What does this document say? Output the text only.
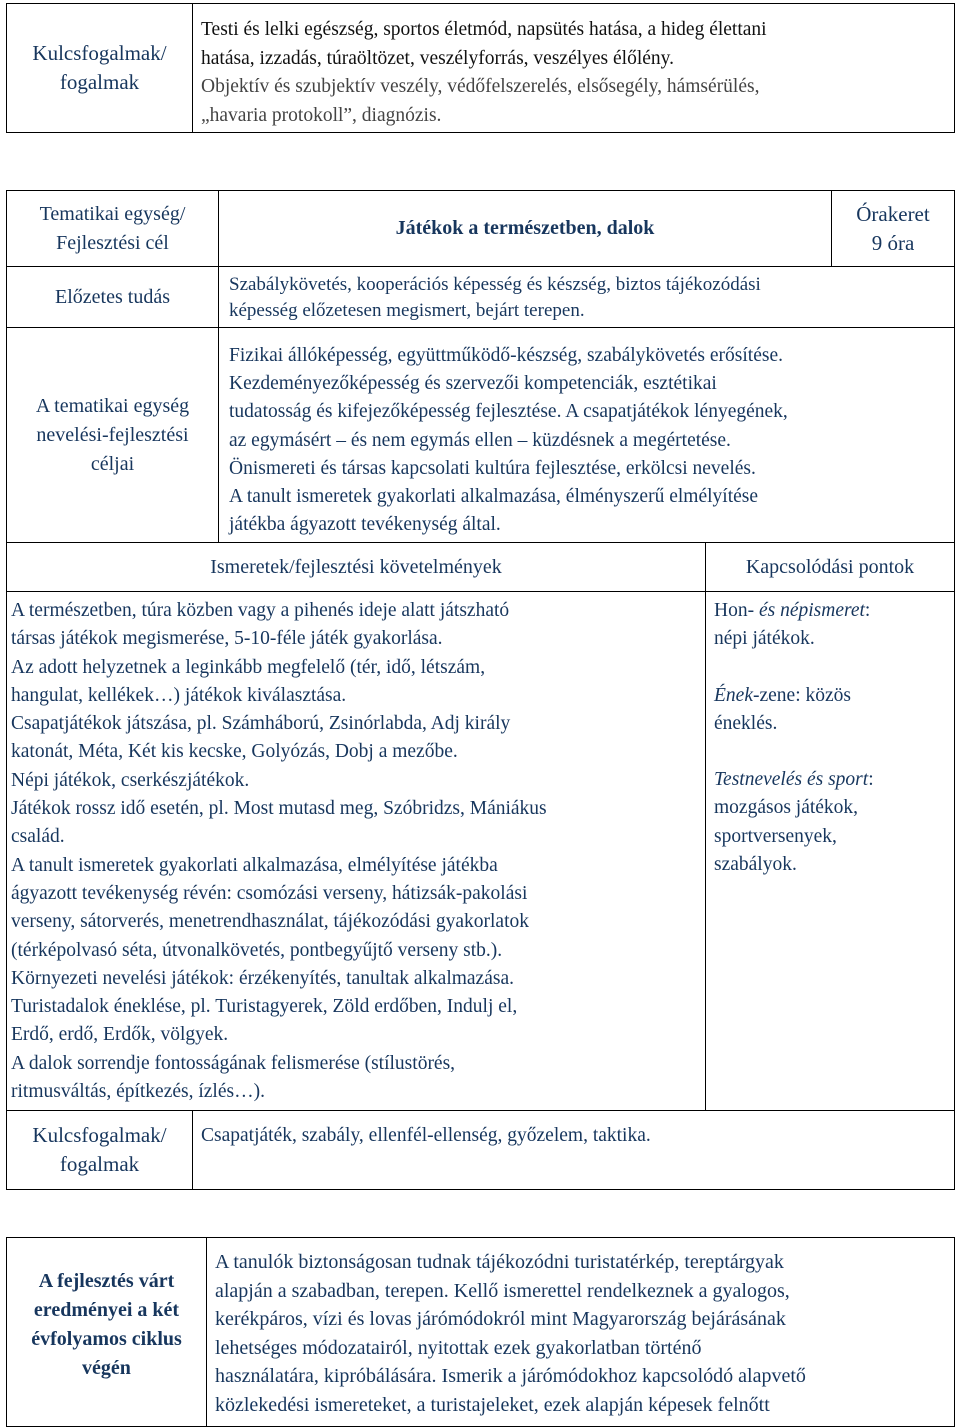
Kulcsfogalmak/
fogalmak
Testi és lelki egészség, sportos életmód, napsütés hatása, a hideg élettani
hatása, izzadás, túraöltözet, veszélyforrás, veszélyes élőlény.
Objektív és szubjektív veszély, védőfelszerelés, elsősegély, hámsérülés,
„havaria protokoll”, diagnózis.
Tematikai egység/
Fejlesztési cél
Játékok a természetben, dalok
Órakeret
9 óra
Előzetes tudás
Szabálykövetés, kooperációs képesség és készség, biztos tájékozódási
képesség előzetesen megismert, bejárt terepen.
A tematikai egység
nevelési-fejlesztési
céljai
Fizikai állóképesség, együttműködő-készség, szabálykövetés erősítése.
Kezdeményezőképesség és szervezői kompetenciák, esztétikai
tudatosság és kifejezőképesség fejlesztése. A csapatjátékok lényegének,
az egymásért – és nem egymás ellen – küzdésnek a megértetése.
Önismereti és társas kapcsolati kultúra fejlesztése, erkölcsi nevelés.
A tanult ismeretek gyakorlati alkalmazása, élményszerű elmélyítése
játékba ágyazott tevékenység által.
Ismeretek/fejlesztési követelmények	Kapcsolódási pontok
A természetben, túra közben vagy a pihenés ideje alatt játszható
társas játékok megismerése, 5-10-féle játék gyakorlása.
Az adott helyzetnek a leginkább megfelelő (tér, idő, létszám,
hangulat, kellékek…) játékok kiválasztása.
Csapatjátékok játszása, pl. Számháború, Zsinórlabda, Adj király
katonát, Méta, Két kis kecske, Golyózás, Dobj a mezőbe.
Népi játékok, cserkészjátékok.
Játékok rossz idő esetén, pl. Most mutasd meg, Szóbridzs, Mániákus
család.
A tanult ismeretek gyakorlati alkalmazása, elmélyítése játékba
ágyazott tevékenység révén: csomózási verseny, hátizsák-pakolási
verseny, sátorverés, menetrendhasználat, tájékozódási gyakorlatok
(térképolvasó séta, útvonalkövetés, pontbegyűjtő verseny stb.).
Környezeti nevelési játékok: érzékenyítés, tanultak alkalmazása.
Turistadalok éneklése, pl. Turistagyerek, Zöld erdőben, Indulj el,
Erdő, erdő, Erdők, völgyek.
A dalok sorrendje fontosságának felismerése (stílustörés,
ritmusváltás, építkezés, ízlés…).
Hon- és népismeret:
népi játékok.
Ének-zene: közös
éneklés.
Testnevelés és sport:
mozgásos játékok,
sportversenyek,
szabályok.
Kulcsfogalmak/
fogalmak
Csapatjáték, szabály, ellenfél-ellenség, győzelem, taktika.
A fejlesztés várt
eredményei a két
évfolyamos ciklus
végén
A tanulók biztonságosan tudnak tájékozódni turistatérkép, tereptárgyak
alapján a szabadban, terepen. Kellő ismerettel rendelkeznek a gyalogos,
kerékpáros, vízi és lovas járómódokról mint Magyarország bejárásának
lehetséges módozatairól, nyitottak ezek gyakorlatban történő
használatára, kipróbálására. Ismerik a járómódokhoz kapcsolódó alapvető
közlekedési ismereteket, a turistajeleket, ezek alapján képesek felnőtt
